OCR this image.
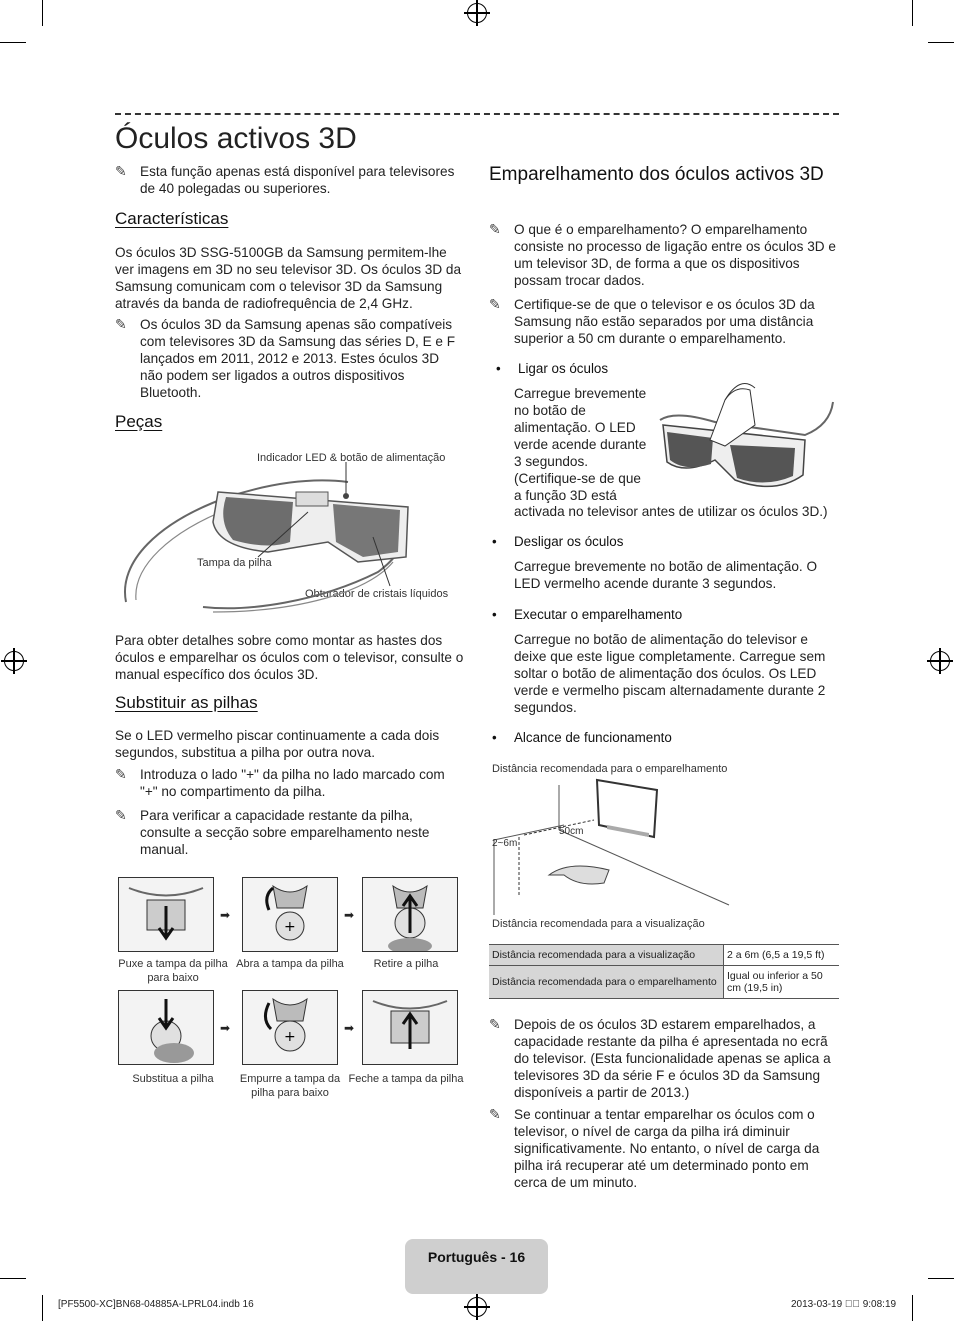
Óculos activos 3D
✎ Esta função apenas está disponível para televisores de 40 polegadas ou superiores.
Características
Os óculos 3D SSG-5100GB da Samsung permitem-lhe ver imagens em 3D no seu televisor 3D. Os óculos 3D da Samsung comunicam com o televisor 3D da Samsung através da banda de radiofrequência de 2,4 GHz.
✎ Os óculos 3D da Samsung apenas são compatíveis com televisores 3D da Samsung das séries D, E e F lançados em 2011, 2012 e 2013. Estes óculos 3D não podem ser ligados a outros dispositivos Bluetooth.
Peças
Indicador LED & botão de alimentação
Tampa da pilha
Obturador de cristais líquidos
Para obter detalhes sobre como montar as hastes dos óculos e emparelhar os óculos com o televisor, consulte o manual específico dos óculos 3D.
Substituir as pilhas
Se o LED vermelho piscar continuamente a cada dois segundos, substitua a pilha por outra nova.
✎ Introduza o lado "+" da pilha no lado marcado com "+" no compartimento da pilha.
✎ Para verificar a capacidade restante da pilha, consulte a secção sobre emparelhamento neste manual.
+
+
➡	➡
➡	➡
Puxe a tampa da pilha para baixo
Abra a tampa da pilha	Retire a pilha
Substitua a pilha	Empurre a tampa da pilha para baixo
Feche a tampa da pilha
Emparelhamento dos óculos activos 3D
✎ O que é o emparelhamento? O emparelhamento consiste no processo de ligação entre os óculos 3D e um televisor 3D, de forma a que os dispositivos possam trocar dados.
✎ Certifique-se de que o televisor e os óculos 3D da Samsung não estão separados por uma distância superior a 50 cm durante o emparelhamento.
• Ligar os óculos
Carregue brevemente no botão de alimentação. O LED verde acende durante 3 segundos. (Certifique-se de que a função 3D está
activada no televisor antes de utilizar os óculos 3D.)
• Desligar os óculos
Carregue brevemente no botão de alimentação. O LED vermelho acende durante 3 segundos.
• Executar o emparelhamento
Carregue no botão de alimentação do televisor e deixe que este ligue completamente. Carregue sem soltar o botão de alimentação dos óculos. Os LED verde e vermelho piscam alternadamente durante 2 segundos.
• Alcance de funcionamento
Distância recomendada para o emparelhamento
50cm
2~6m
Distância recomendada para a visualização
Distância recomendada para a visualização	2 a 6m (6,5 a 19,5 ft)
Distância recomendada para o emparelhamento	Igual ou inferior a 50 cm (19,5 in)
✎ Depois de os óculos 3D estarem emparelhados, a capacidade restante da pilha é apresentada no ecrã do televisor. (Esta funcionalidade apenas se aplica a televisores 3D da série F e óculos 3D da Samsung disponíveis a partir de 2013.)
✎ Se continuar a tentar emparelhar os óculos com o televisor, o nível de carga da pilha irá diminuir significativamente. No entanto, o nível de carga da pilha irá recuperar até um determinado ponto em cerca de um minuto.
Português - 16
[PF5500-XC]BN68-04885A-LPRL04.indb 16	2013-03-19 ￿￿ 9:08:19
